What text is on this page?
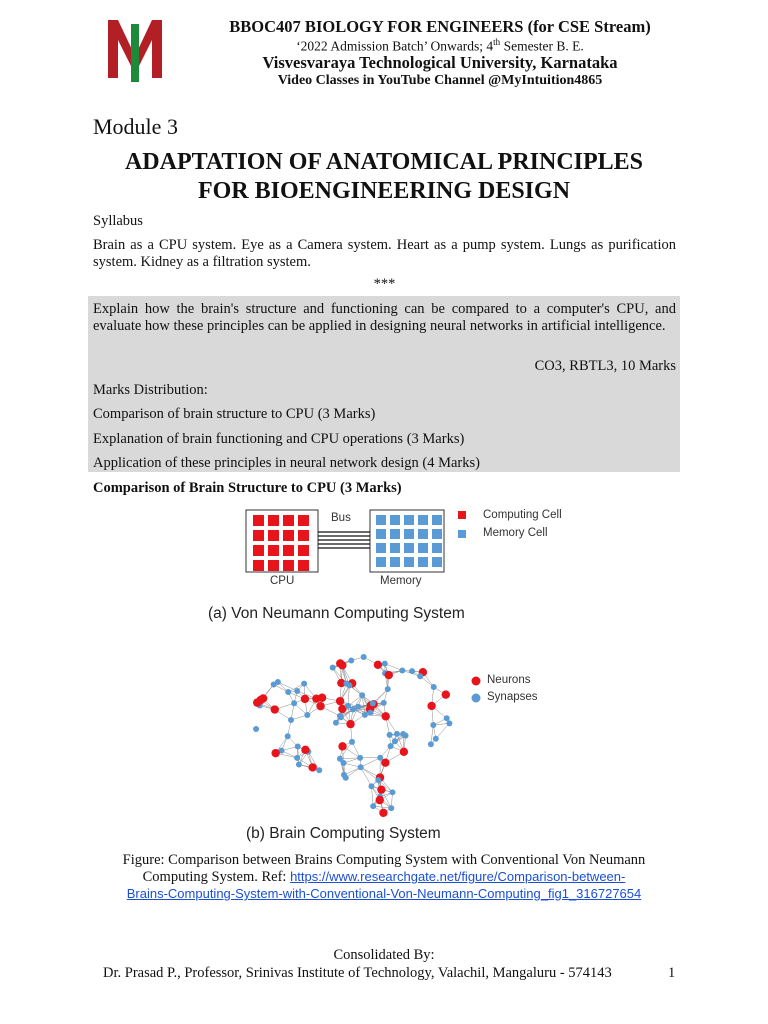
BBOC407 BIOLOGY FOR ENGINEERS (for CSE Stream)
‘2022 Admission Batch’ Onwards; 4th Semester B. E.
Visvesvaraya Technological University, Karnataka
Video Classes in YouTube Channel @MyIntuition4865
Module 3
ADAPTATION OF ANATOMICAL PRINCIPLES
FOR BIOENGINEERING DESIGN
Syllabus
Brain as a CPU system. Eye as a Camera system. Heart as a pump system. Lungs as purification system. Kidney as a filtration system.
***
Explain how the brain's structure and functioning can be compared to a computer's CPU, and evaluate how these principles can be applied in designing neural networks in artificial intelligence.
CO3, RBTL3, 10 Marks
Marks Distribution:
Comparison of brain structure to CPU (3 Marks)
Explanation of brain functioning and CPU operations (3 Marks)
Application of these principles in neural network design (4 Marks)
Comparison of Brain Structure to CPU (3 Marks)
Bus
CPU	Memory
Computing Cell
Memory Cell
(a) Von Neumann Computing System
Neurons
Synapses
(b) Brain Computing System
Figure: Comparison between Brains Computing System with Conventional Von Neumann
Computing System. Ref: https://www.researchgate.net/figure/Comparison-between-
Brains-Computing-System-with-Conventional-Von-Neumann-Computing_fig1_316727654
Consolidated By:
Dr. Prasad P., Professor, Srinivas Institute of Technology, Valachil, Mangaluru - 574143	1
